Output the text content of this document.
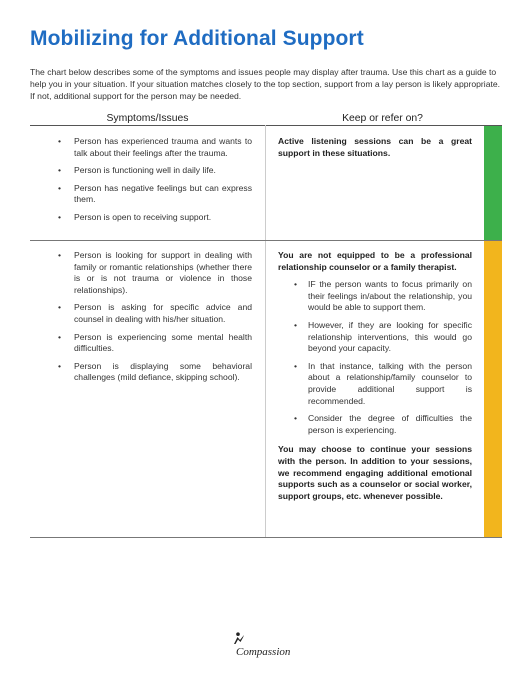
Mobilizing for Additional Support
The chart below describes some of the symptoms and issues people may display after trauma. Use this chart as a guide to help you in your situation. If your situation matches closely to the top section, support from a lay person is likely appropriate. If not, additional support for the person may be needed.
Symptoms/Issues	Keep or refer on?
• Person has experienced trauma and wants to talk about their feelings after the trauma.
• Person is functioning well in daily life.
• Person has negative feelings but can express them.
• Person is open to receiving support.
Active listening sessions can be a great support in these situations.
• Person is looking for support in dealing with family or romantic relationships (whether there is or is not trauma or violence in those relationships).
• Person is asking for specific advice and counsel in dealing with his/her situation.
• Person is experiencing some mental health difficulties.
• Person is displaying some behavioral challenges (mild defiance, skipping school).
You are not equipped to be a professional relationship counselor or a family therapist.
• IF the person wants to focus primarily on their feelings in/about the relationship, you would be able to support them.
• However, if they are looking for specific relationship interventions, this would go beyond your capacity.
• In that instance, talking with the person about a relationship/family counselor to provide additional support is recommended.
• Consider the degree of difficulties the person is experiencing.
You may choose to continue your sessions with the person. In addition to your sessions, we recommend engaging additional emotional supports such as a counselor or social worker, support groups, etc. whenever possible.
Compassion
